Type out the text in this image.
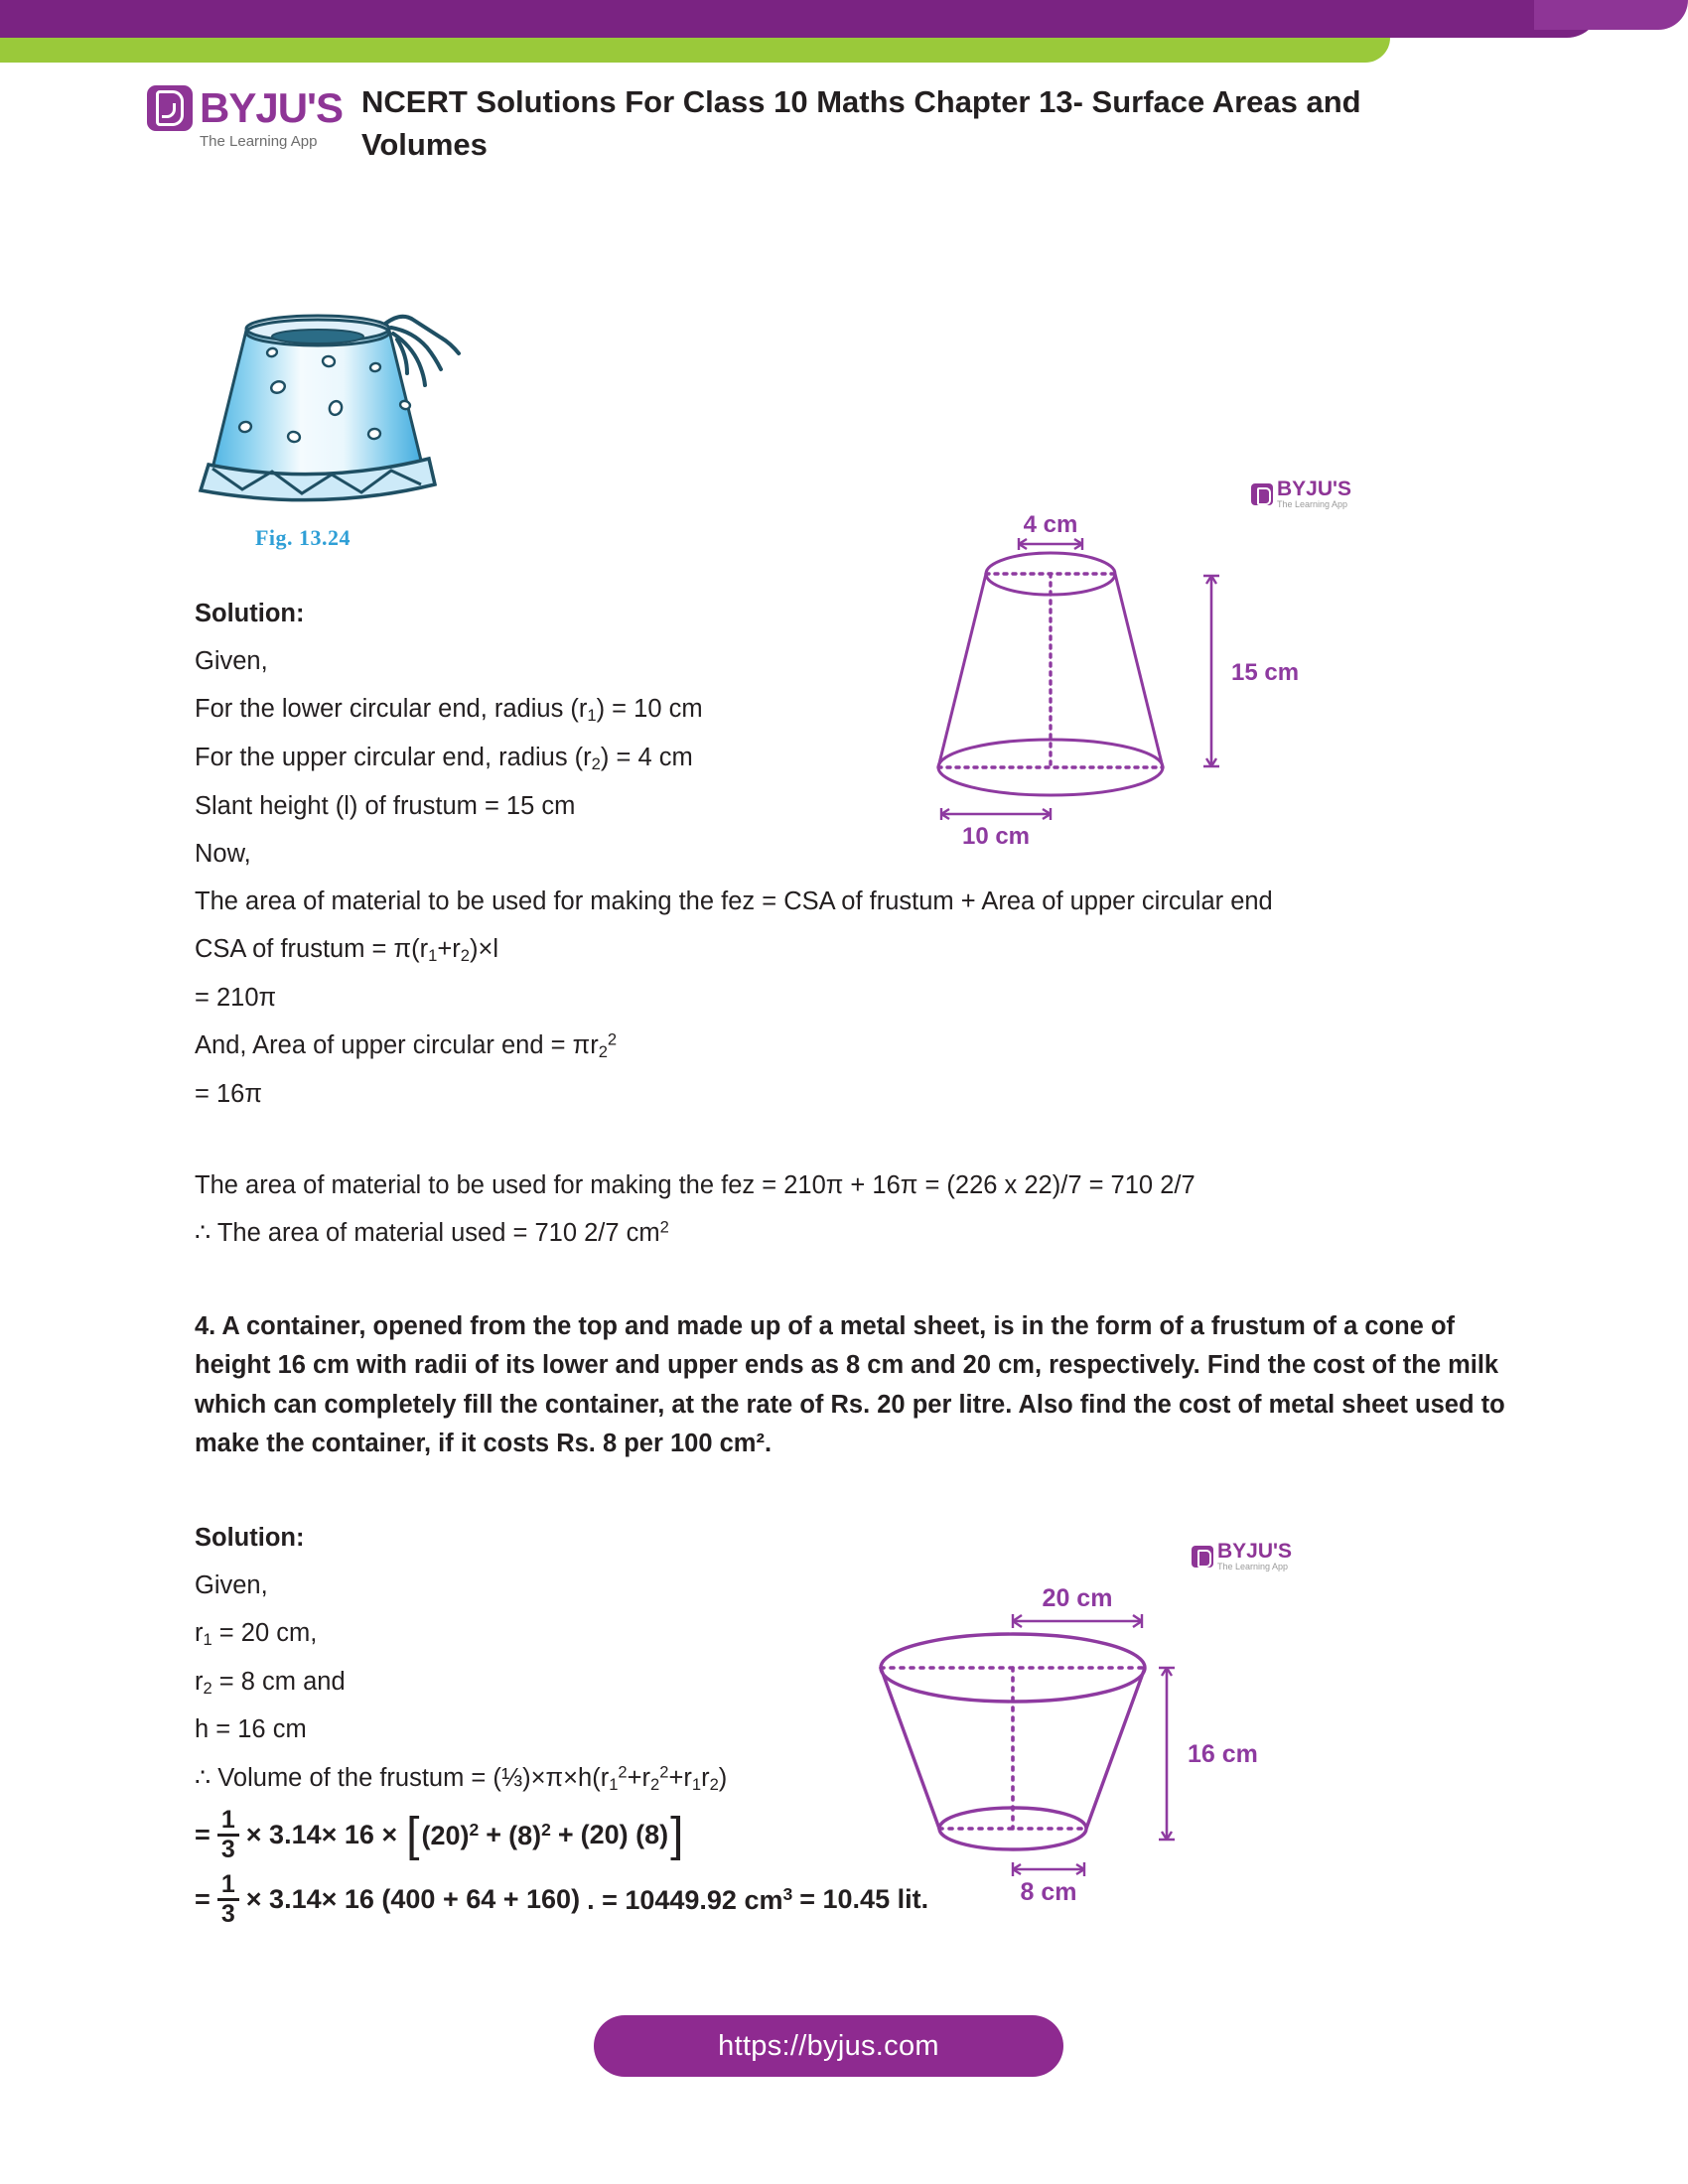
BYJU'S
The Learning App
NCERT Solutions For Class 10 Maths Chapter 13- Surface Areas and Volumes
Fig. 13.24
BYJU'S
The Learning App
4 cm
15 cm
10 cm
BYJU'S
The Learning App
20 cm
16 cm
8 cm

Solution:

Given,

For the lower circular end, radius $(r_1) = 10$ cm

For the upper circular end, radius $(r_2) = 4$ cm

Slant height (l) of frustum = 15 cm

Now,

The area of material to be used for making the fez = CSA of frustum + Area of upper circular end

CSA of frustum = $\pi(r_1+r_2)\times l$

= 210π

And, Area of upper circular end = $\pi r_2^2$

= 16π

The area of material to be used for making the fez = 210π + 16π = (226 x 22)/7 = 710 2/7

∴ The area of material used = 710 2/7 $cm^2$

4. A container, opened from the top and made up of a metal sheet, is in the form of a frustum of a cone of height 16 cm with radii of its lower and upper ends as 8 cm and 20 cm, respectively. Find the cost of the milk which can completely fill the container, at the rate of Rs. 20 per litre. Also find the cost of metal sheet used to make the container, if it costs Rs. 8 per 100 cm².

Solution:

Given,

$r_1 = 20$ cm,

$r_2 = 8$ cm and

h = 16 cm

∴ Volume of the frustum = $(\frac{1}{3})\times\pi\times h(r_1^2+r_2^2+r_1r_2)$

= $\frac{1}{3} \times 3.14\times 16$ × [ $(20)^2 + (8)^2 + (20)$ (8) ]
= $\frac{1}{3} \times 3.14\times 16$ (400 + 64 + 160) . = 10449.92 $cm^3 = 10.45$ lit.
https://byjus.com
